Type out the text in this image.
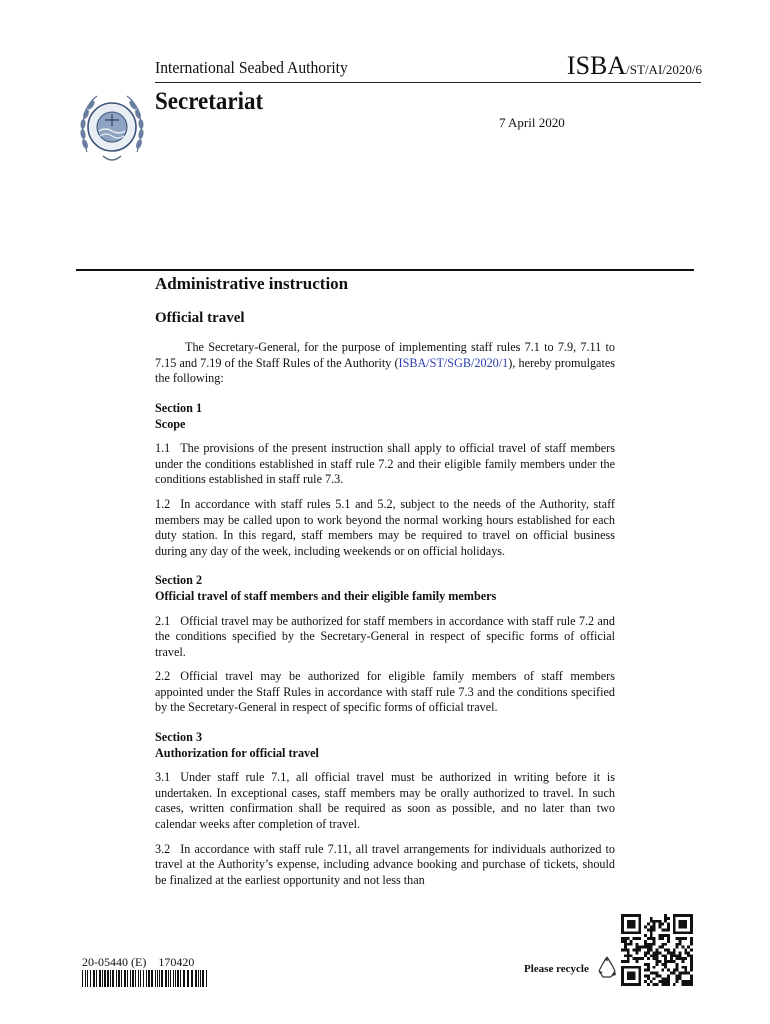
International Seabed Authority	ISBA/ST/AI/2020/6
Secretariat
7 April 2020
Administrative instruction
Official travel

The Secretary-General, for the purpose of implementing staff rules 7.1 to 7.9, 7.11 to 7.15 and 7.19 of the Staff Rules of the Authority (ISBA/ST/SGB/2020/1), hereby promulgates the following:

Section 1
Scope

1.1 The provisions of the present instruction shall apply to official travel of staff members under the conditions established in staff rule 7.2 and their eligible family members under the conditions established in staff rule 7.3.

1.2 In accordance with staff rules 5.1 and 5.2, subject to the needs of the Authority, staff members may be called upon to work beyond the normal working hours established for each duty station. In this regard, staff members may be required to travel on official business during any day of the week, including weekends or on official holidays.

Section 2
Official travel of staff members and their eligible family members

2.1 Official travel may be authorized for staff members in accordance with staff rule 7.2 and the conditions specified by the Secretary-General in respect of specific forms of official travel.

2.2 Official travel may be authorized for eligible family members of staff members appointed under the Staff Rules in accordance with staff rule 7.3 and the conditions specified by the Secretary-General in respect of specific forms of official travel.

Section 3
Authorization for official travel

3.1 Under staff rule 7.1, all official travel must be authorized in writing before it is undertaken. In exceptional cases, staff members may be orally authorized to travel. In such cases, written confirmation shall be required as soon as possible, and no later than two calendar weeks after completion of travel.

3.2 In accordance with staff rule 7.11, all travel arrangements for individuals authorized to travel at the Authority’s expense, including advance booking and purchase of tickets, should be finalized at the earliest opportunity and not less than

20-05440 (E)    170420	Please recycle
